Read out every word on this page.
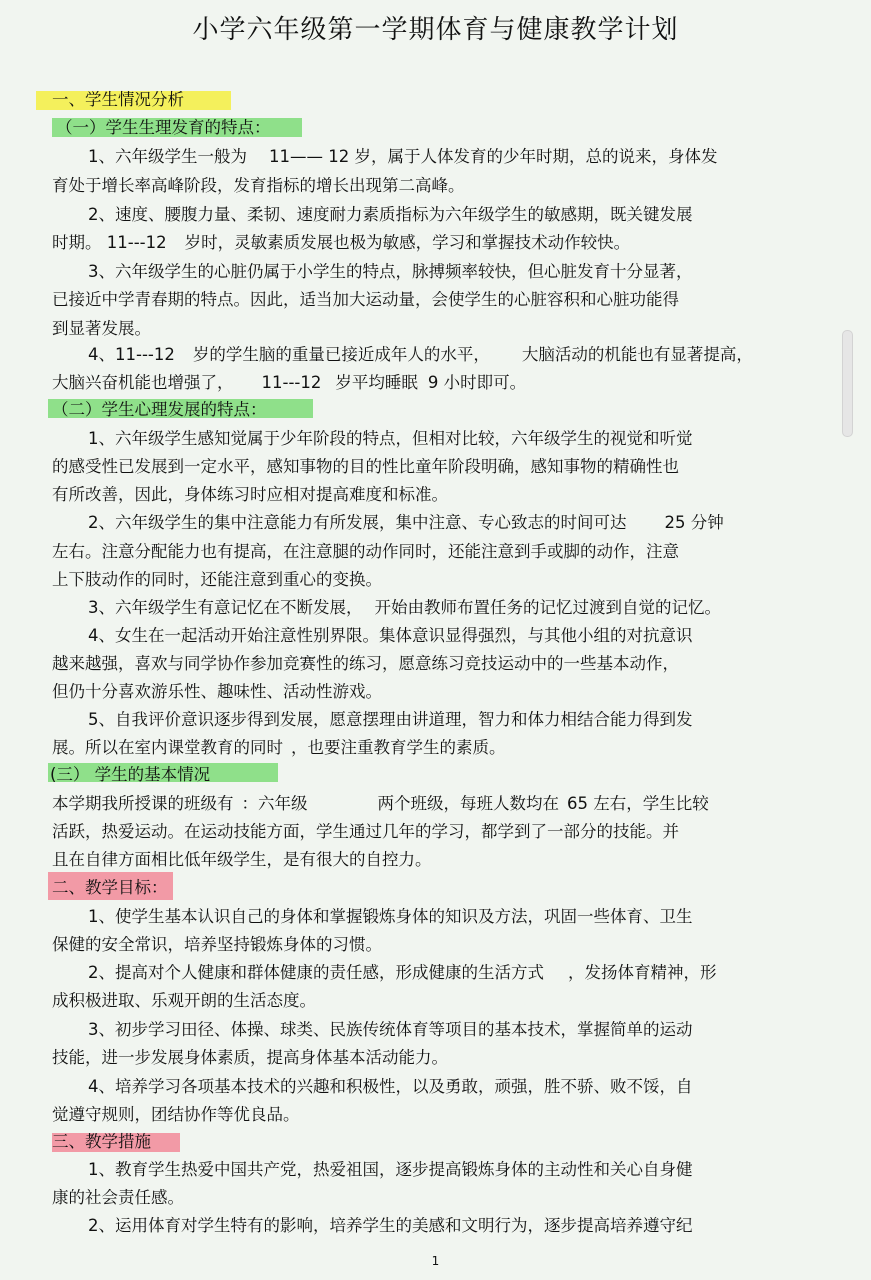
小学六年级第一学期体育与健康教学计划
一、学生情况分析
（一）学生生理发育的特点：
1、六年级学生一般为 11—— 12 岁，属于人体发育的少年时期，总的说来，身体发
育处于增长率高峰阶段，发育指标的增长出现第二高峰。
2、速度、腰腹力量、柔韧、速度耐力素质指标为六年级学生的敏感期，既关键发展
时期。 11---12 岁时，灵敏素质发展也极为敏感，学习和掌握技术动作较快。
3、六年级学生的心脏仍属于小学生的特点，脉搏频率较快，但心脏发育十分显著，
已接近中学青春期的特点。因此，适当加大运动量，会使学生的心脏容积和心脏功能得
到显著发展。
4、11---12 岁的学生脑的重量已接近成年人的水平， 大脑活动的机能也有显著提高，
大脑兴奋机能也增强了， 11---12 岁平均睡眠 9 小时即可。
（二）学生心理发展的特点：
1、六年级学生感知觉属于少年阶段的特点，但相对比较，六年级学生的视觉和听觉
的感受性已发展到一定水平，感知事物的目的性比童年阶段明确，感知事物的精确性也
有所改善，因此，身体练习时应相对提高难度和标准。
2、六年级学生的集中注意能力有所发展，集中注意、专心致志的时间可达 25 分钟
左右。注意分配能力也有提高，在注意腿的动作同时，还能注意到手或脚的动作，注意
上下肢动作的同时，还能注意到重心的变换。
3、六年级学生有意记忆在不断发展， 开始由教师布置任务的记忆过渡到自觉的记忆。
4、女生在一起活动开始注意性别界限。集体意识显得强烈，与其他小组的对抗意识
越来越强，喜欢与同学协作参加竞赛性的练习，愿意练习竞技运动中的一些基本动作，
但仍十分喜欢游乐性、趣味性、活动性游戏。
5、自我评价意识逐步得到发展，愿意摆理由讲道理，智力和体力相结合能力得到发
展。所以在室内课堂教育的同时 ，也要注重教育学生的素质。
(三） 学生的基本情况
本学期我所授课的班级有 ：六年级	两个班级，每班人数均在 65 左右，学生比较
活跃，热爱运动。在运动技能方面，学生通过几年的学习，都学到了一部分的技能。并
且在自律方面相比低年级学生，是有很大的自控力。
二、教学目标：
1、使学生基本认识自己的身体和掌握锻炼身体的知识及方法，巩固一些体育、卫生
保健的安全常识，培养坚持锻炼身体的习惯。
2、提高对个人健康和群体健康的责任感，形成健康的生活方式 ，发扬体育精神，形
成积极进取、乐观开朗的生活态度。
3、初步学习田径、体操、球类、民族传统体育等项目的基本技术，掌握简单的运动
技能，进一步发展身体素质，提高身体基本活动能力。
4、培养学习各项基本技术的兴趣和积极性，以及勇敢，顽强，胜不骄、败不馁，自
觉遵守规则，团结协作等优良品。
三、教学措施
1、教育学生热爱中国共产党，热爱祖国，逐步提高锻炼身体的主动性和关心自身健
康的社会责任感。
2、运用体育对学生特有的影响，培养学生的美感和文明行为，逐步提高培养遵守纪
1
